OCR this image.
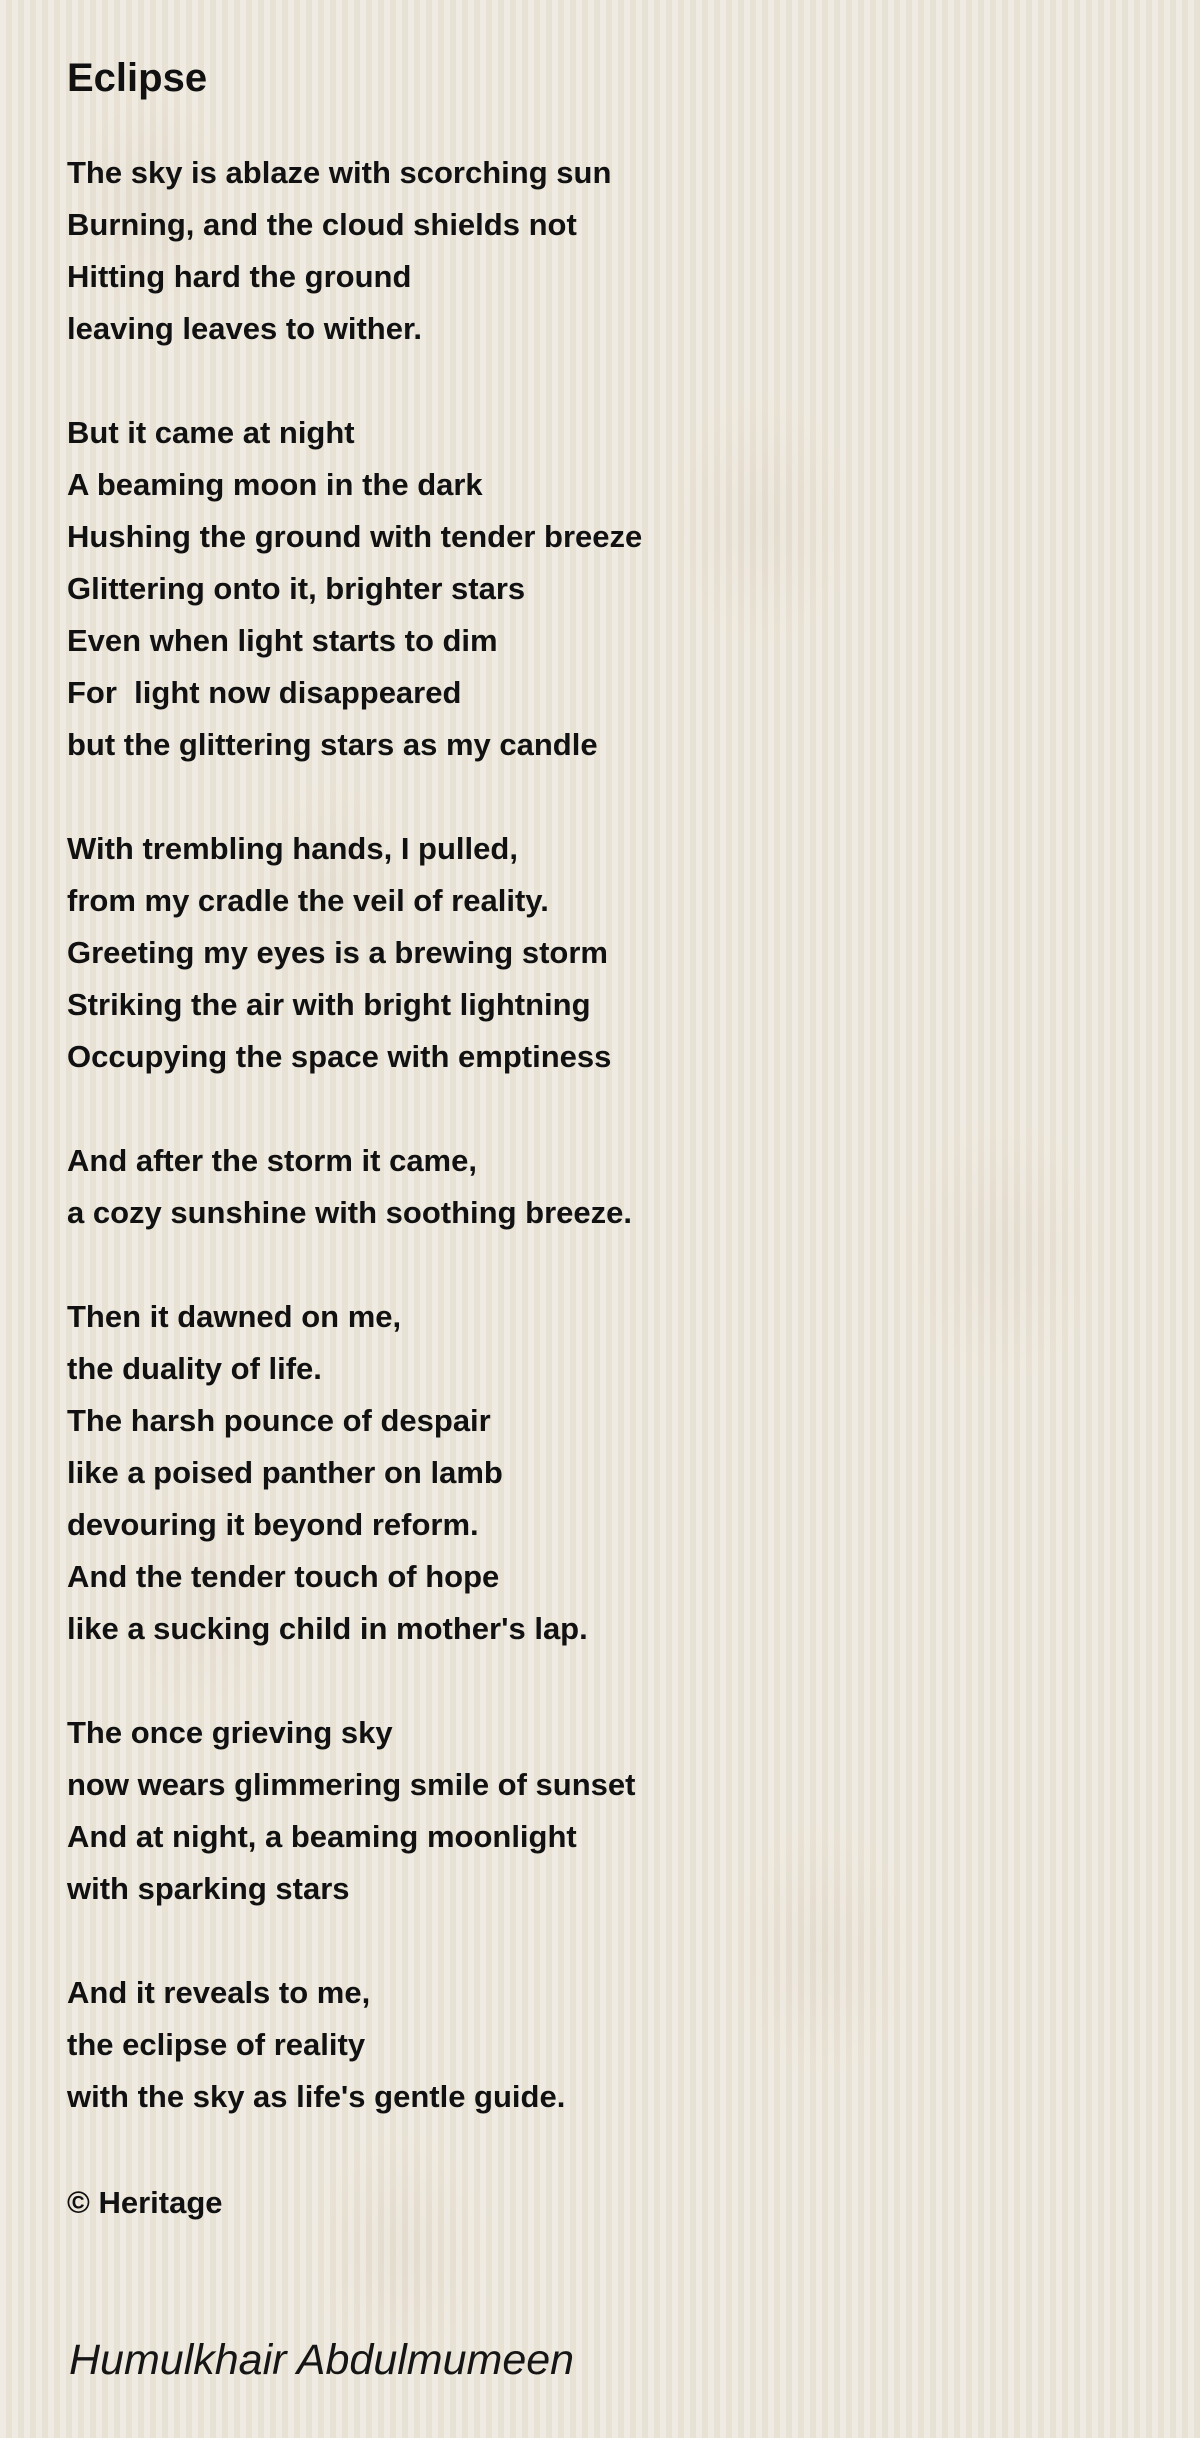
Eclipse
The sky is ablaze with scorching sun
Burning, and the cloud shields not
Hitting hard the ground
leaving leaves to wither.
But it came at night
A beaming moon in the dark
Hushing the ground with tender breeze
Glittering onto it, brighter stars
Even when light starts to dim
For  light now disappeared
but the glittering stars as my candle
With trembling hands, I pulled,
from my cradle the veil of reality.
Greeting my eyes is a brewing storm
Striking the air with bright lightning
Occupying the space with emptiness
And after the storm it came,
a cozy sunshine with soothing breeze.
Then it dawned on me,
the duality of life.
The harsh pounce of despair
like a poised panther on lamb
devouring it beyond reform.
And the tender touch of hope
like a sucking child in mother's lap.
The once grieving sky
now wears glimmering smile of sunset
And at night, a beaming moonlight
with sparking stars
And it reveals to me,
the eclipse of reality
with the sky as life's gentle guide.
© Heritage
Humulkhair Abdulmumeen
